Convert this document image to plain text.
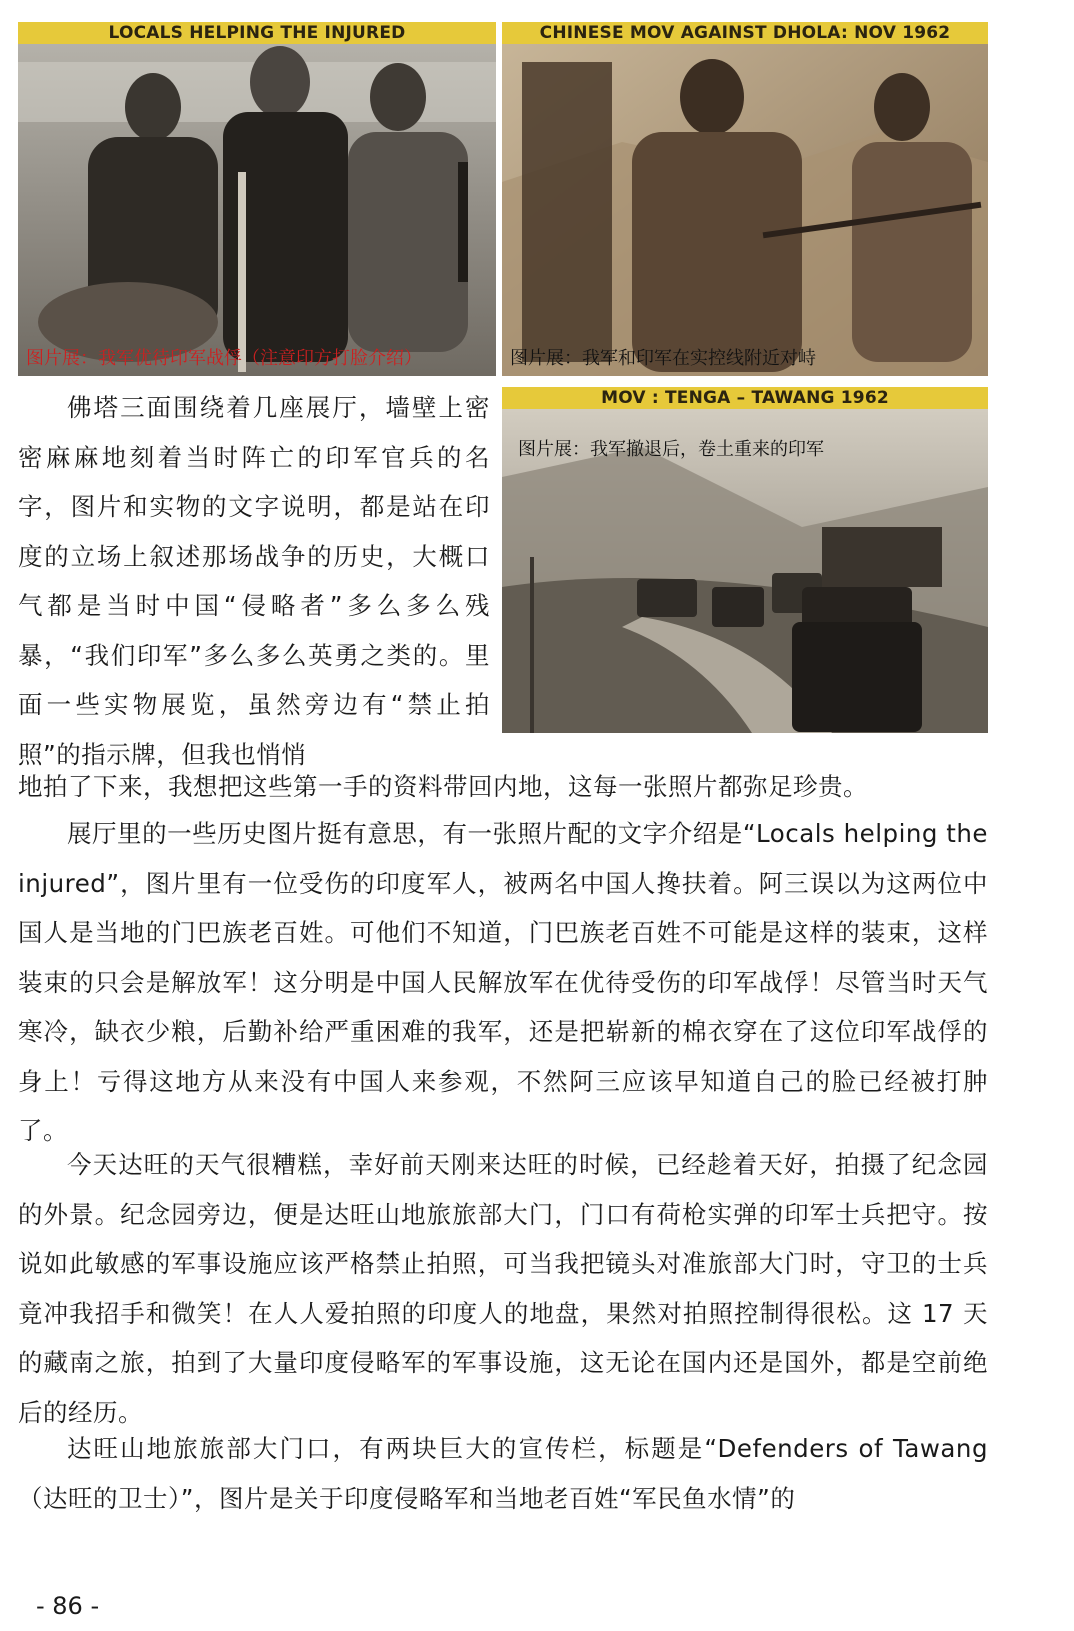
LOCALS HELPING THE INJURED
图片展：我军优待印军战俘（注意印方打脸介绍）
CHINESE MOV AGAINST DHOLA: NOV 1962
图片展：我军和印军在实控线附近对峙
MOV : TENGA – TAWANG 1962
图片展：我军撤退后，卷土重来的印军

佛塔三面围绕着几座展厅，墙壁上密密麻麻地刻着当时阵亡的印军官兵的名字，图片和实物的文字说明，都是站在印度的立场上叙述那场战争的历史，大概口气都是当时中国“侵略者”多么多么残暴，“我们印军”多么多么英勇之类的。里面一些实物展览，虽然旁边有“禁止拍照”的指示牌，但我也悄悄

地拍了下来，我想把这些第一手的资料带回内地，这每一张照片都弥足珍贵。

展厅里的一些历史图片挺有意思，有一张照片配的文字介绍是“Locals helping the injured”，图片里有一位受伤的印度军人，被两名中国人搀扶着。阿三误以为这两位中国人是当地的门巴族老百姓。可他们不知道，门巴族老百姓不可能是这样的装束，这样装束的只会是解放军！这分明是中国人民解放军在优待受伤的印军战俘！尽管当时天气寒冷，缺衣少粮，后勤补给严重困难的我军，还是把崭新的棉衣穿在了这位印军战俘的身上！亏得这地方从来没有中国人来参观，不然阿三应该早知道自己的脸已经被打肿了。

今天达旺的天气很糟糕，幸好前天刚来达旺的时候，已经趁着天好，拍摄了纪念园的外景。纪念园旁边，便是达旺山地旅旅部大门，门口有荷枪实弹的印军士兵把守。按说如此敏感的军事设施应该严格禁止拍照，可当我把镜头对准旅部大门时，守卫的士兵竟冲我招手和微笑！在人人爱拍照的印度人的地盘，果然对拍照控制得很松。这 17 天的藏南之旅，拍到了大量印度侵略军的军事设施，这无论在国内还是国外，都是空前绝后的经历。

达旺山地旅旅部大门口，有两块巨大的宣传栏，标题是“Defenders of Tawang（达旺的卫士）”，图片是关于印度侵略军和当地老百姓“军民鱼水情”的

- 86 -
